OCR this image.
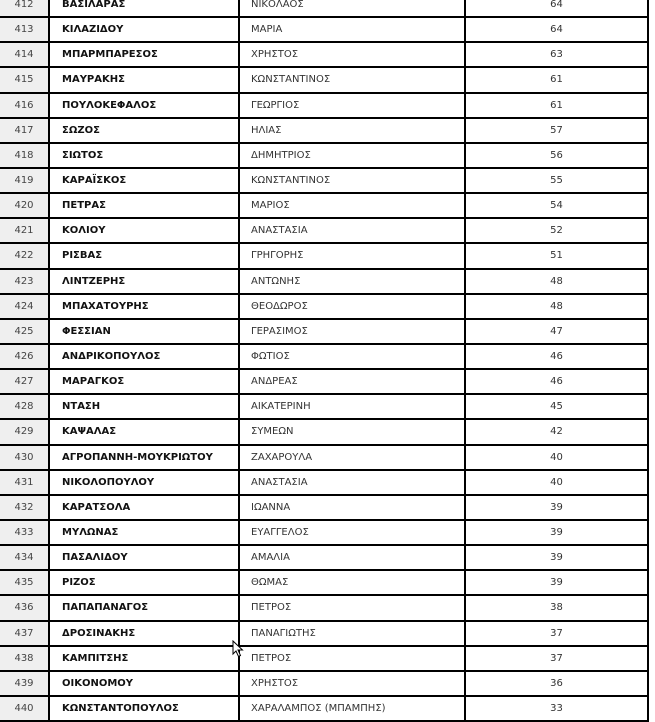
412	ΒΑΣΙΛΑΡΑΣ	ΝΙΚΟΛΑΟΣ	64
413	ΚΙΛΑΖΙΔΟΥ	ΜΑΡΙΑ	64
414	ΜΠΑΡΜΠΑΡΕΣΟΣ	ΧΡΗΣΤΟΣ	63
415	ΜΑΥΡΑΚΗΣ	ΚΩΝΣΤΑΝΤΙΝΟΣ	61
416	ΠΟΥΛΟΚΕΦΑΛΟΣ	ΓΕΩΡΓΙΟΣ	61
417	ΣΩΖΟΣ	ΗΛΙΑΣ	57
418	ΣΙΩΤΟΣ	ΔΗΜΗΤΡΙΟΣ	56
419	ΚΑΡΑΪΣΚΟΣ	ΚΩΝΣΤΑΝΤΙΝΟΣ	55
420	ΠΕΤΡΑΣ	ΜΑΡΙΟΣ	54
421	ΚΟΛΙΟΥ	ΑΝΑΣΤΑΣΙΑ	52
422	ΡΙΣΒΑΣ	ΓΡΗΓΟΡΗΣ	51
423	ΛΙΝΤΖΕΡΗΣ	ΑΝΤΩΝΗΣ	48
424	ΜΠΑΧΑΤΟΥΡΗΣ	ΘΕΟΔΩΡΟΣ	48
425	ΦΕΣΣΙΑΝ	ΓΕΡΑΣΙΜΟΣ	47
426	ΑΝΔΡΙΚΟΠΟΥΛΟΣ	ΦΩΤΙΟΣ	46
427	ΜΑΡΑΓΚΟΣ	ΑΝΔΡΕΑΣ	46
428	ΝΤΑΣΗ	ΑΙΚΑΤΕΡΙΝΗ	45
429	ΚΑΨΑΛΑΣ	ΣΥΜΕΩΝ	42
430	ΑΓΡΟΠΑΝΝΗ-ΜΟΥΚΡΙΩΤΟΥ	ΖΑΧΑΡΟΥΛΑ	40
431	ΝΙΚΟΛΟΠΟΥΛΟΥ	ΑΝΑΣΤΑΣΙΑ	40
432	ΚΑΡΑΤΣΟΛΑ	ΙΩΑΝΝΑ	39
433	ΜΥΛΩΝΑΣ	ΕΥΑΓΓΕΛΟΣ	39
434	ΠΑΣΑΛΙΔΟΥ	ΑΜΑΛΙΑ	39
435	ΡΙΖΟΣ	ΘΩΜΑΣ	39
436	ΠΑΠΑΠΑΝΑΓΟΣ	ΠΕΤΡΟΣ	38
437	ΔΡΟΣΙΝΑΚΗΣ	ΠΑΝΑΓΙΩΤΗΣ	37
438	ΚΑΜΠΙΤΣΗΣ	ΠΕΤΡΟΣ	37
439	ΟΙΚΟΝΟΜΟΥ	ΧΡΗΣΤΟΣ	36
440	ΚΩΝΣΤΑΝΤΟΠΟΥΛΟΣ	ΧΑΡΑΛΑΜΠΟΣ (ΜΠΑΜΠΗΣ)	33
